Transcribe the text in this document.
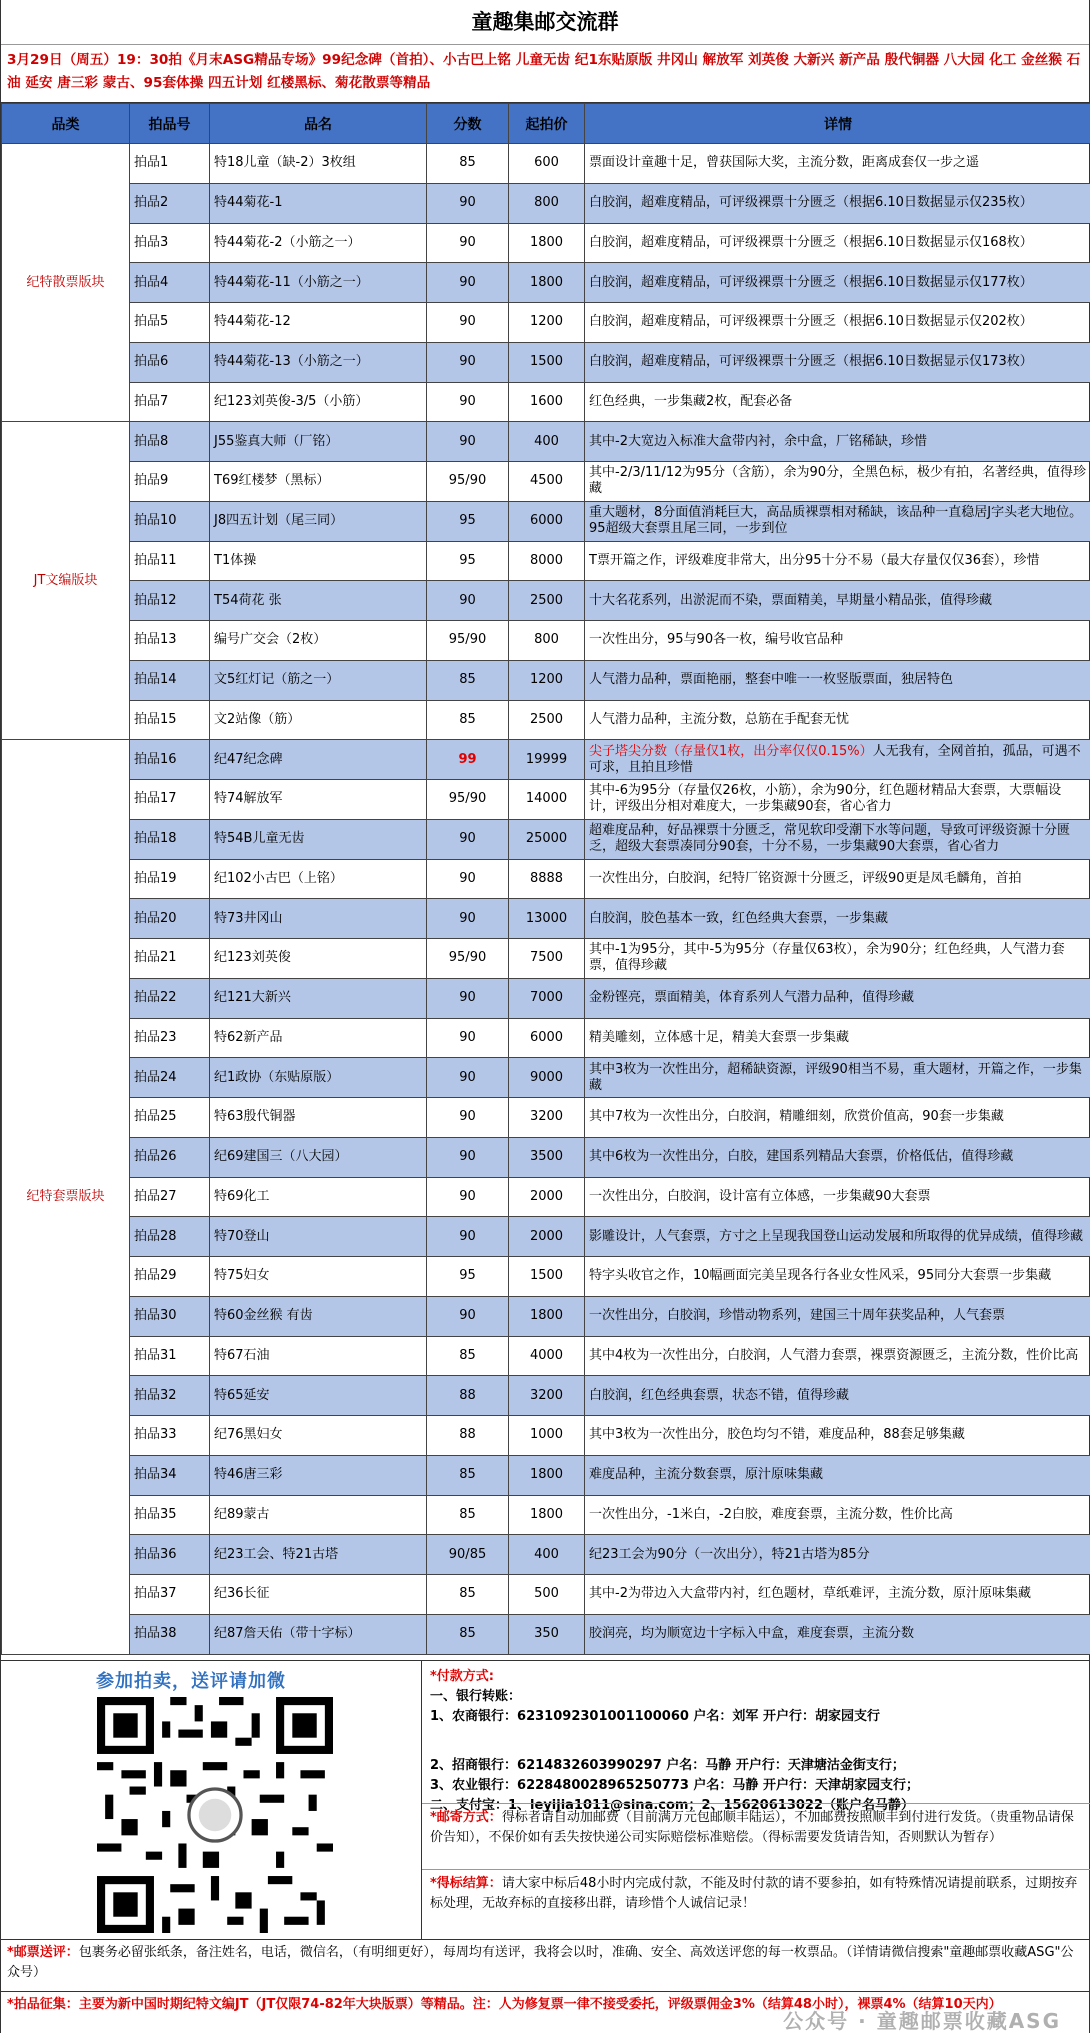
童趣集邮交流群
3月29日（周五）19：30拍《月末ASG精品专场》99纪念碑（首拍）、小古巴上铭 儿童无齿 纪1东贴原版 井冈山 解放军 刘英俊 大新兴 新产品 殷代铜器 八大园 化工 金丝猴 石油 延安 唐三彩 蒙古、95套体操 四五计划 红楼黑标、菊花散票等精品
品类	拍品号	品名	分数	起拍价	详情
纪特散票版块	拍品1	特18儿童（缺-2）3枚组	85	600	票面设计童趣十足，曾获国际大奖，主流分数，距离成套仅一步之遥
	拍品2	特44菊花-1	90	800	白胶润，超难度精品，可评级裸票十分匮乏（根据6.10日数据显示仅235枚）
	拍品3	特44菊花-2（小筋之一）	90	1800	白胶润，超难度精品，可评级裸票十分匮乏（根据6.10日数据显示仅168枚）
	拍品4	特44菊花-11（小筋之一）	90	1800	白胶润，超难度精品，可评级裸票十分匮乏（根据6.10日数据显示仅177枚）
	拍品5	特44菊花-12	90	1200	白胶润，超难度精品，可评级裸票十分匮乏（根据6.10日数据显示仅202枚）
	拍品6	特44菊花-13（小筋之一）	90	1500	白胶润，超难度精品，可评级裸票十分匮乏（根据6.10日数据显示仅173枚）
	拍品7	纪123刘英俊-3/5（小筋）	90	1600	红色经典，一步集藏2枚，配套必备
JT文编版块	拍品8	J55鉴真大师（厂铭）	90	400	其中-2大宽边入标准大盒带内衬，余中盒，厂铭稀缺，珍惜
	拍品9	T69红楼梦（黑标）	95/90	4500	其中-2/3/11/12为95分（含筋），余为90分，全黑色标，极少有拍，名著经典，值得珍藏
	拍品10	J8四五计划（尾三同）	95	6000	重大题材，8分面值消耗巨大，高品质裸票相对稀缺，该品种一直稳居J字头老大地位。95超级大套票且尾三同，一步到位
	拍品11	T1体操	95	8000	T票开篇之作，评级难度非常大，出分95十分不易（最大存量仅仅36套），珍惜
	拍品12	T54荷花 张	90	2500	十大名花系列，出淤泥而不染，票面精美，早期量小精品张，值得珍藏
	拍品13	编号广交会（2枚）	95/90	800	一次性出分，95与90各一枚，编号收官品种
	拍品14	文5红灯记（筋之一）	85	1200	人气潜力品种，票面艳丽，整套中唯一一枚竖版票面，独居特色
	拍品15	文2站像（筋）	85	2500	人气潜力品种，主流分数，总筋在手配套无忧
纪特套票版块	拍品16	纪47纪念碑	99	19999	尖子塔尖分数（存量仅1枚，出分率仅仅0.15%）人无我有，全网首拍，孤品，可遇不可求，且拍且珍惜
	拍品17	特74解放军	95/90	14000	其中-6为95分（存量仅26枚，小筋），余为90分，红色题材精品大套票，大票幅设计，评级出分相对难度大，一步集藏90套，省心省力
	拍品18	特54B儿童无齿	90	25000	超难度品种，好品裸票十分匮乏，常见软印受潮下水等问题，导致可评级资源十分匮乏，超级大套票凑同分90套，十分不易，一步集藏90大套票，省心省力
	拍品19	纪102小古巴（上铭）	90	8888	一次性出分，白胶润，纪特厂铭资源十分匮乏，评级90更是凤毛麟角，首拍
	拍品20	特73井冈山	90	13000	白胶润，胶色基本一致，红色经典大套票，一步集藏
	拍品21	纪123刘英俊	95/90	7500	其中-1为95分，其中-5为95分（存量仅63枚），余为90分；红色经典，人气潜力套票，值得珍藏
	拍品22	纪121大新兴	90	7000	金粉铿亮，票面精美，体育系列人气潜力品种，值得珍藏
	拍品23	特62新产品	90	6000	精美雕刻，立体感十足，精美大套票一步集藏
	拍品24	纪1政协（东贴原版）	90	9000	其中3枚为一次性出分，超稀缺资源，评级90相当不易，重大题材，开篇之作，一步集藏
	拍品25	特63殷代铜器	90	3200	其中7枚为一次性出分，白胶润，精雕细刻，欣赏价值高，90套一步集藏
	拍品26	纪69建国三（八大园）	90	3500	其中6枚为一次性出分，白胶，建国系列精品大套票，价格低估，值得珍藏
	拍品27	特69化工	90	2000	一次性出分，白胶润，设计富有立体感，一步集藏90大套票
	拍品28	特70登山	90	2000	影雕设计，人气套票，方寸之上呈现我国登山运动发展和所取得的优异成绩，值得珍藏
	拍品29	特75妇女	95	1500	特字头收官之作，10幅画面完美呈现各行各业女性风采，95同分大套票一步集藏
	拍品30	特60金丝猴 有齿	90	1800	一次性出分，白胶润，珍惜动物系列，建国三十周年获奖品种，人气套票
	拍品31	特67石油	85	4000	其中4枚为一次性出分，白胶润，人气潜力套票，裸票资源匮乏，主流分数，性价比高
	拍品32	特65延安	88	3200	白胶润，红色经典套票，状态不错，值得珍藏
	拍品33	纪76黑妇女	88	1000	其中3枚为一次性出分，胶色均匀不错，难度品种，88套足够集藏
	拍品34	特46唐三彩	85	1800	难度品种，主流分数套票，原汁原味集藏
	拍品35	纪89蒙古	85	1800	一次性出分，-1米白，-2白胶，难度套票，主流分数，性价比高
	拍品36	纪23工会、特21古塔	90/85	400	纪23工会为90分（一次出分），特21古塔为85分
	拍品37	纪36长征	85	500	其中-2为带边入大盒带内衬，红色题材，草纸难评，主流分数，原汁原味集藏
	拍品38	纪87詹天佑（带十字标）	85	350	胶润亮，均为顺宽边十字标入中盒，难度套票，主流分数
参加拍卖，送评请加微	*付款方式:
一、银行转账：
1、农商银行：6231092301001100060 户名：刘军 开户行：胡家园支行
2、招商银行：6214832603990297 户名：马静 开户行：天津塘沽金街支行；
3、农业银行：6228480028965250773 户名：马静 开户行：天津胡家园支行；
二、支付宝：1、leyijia1011@sina.com；2、15620613022（账户名马静）
*邮寄方式：得标者请自动加邮费（目前满万元包邮顺丰陆运），不加邮费按照顺丰到付进行发货。（贵重物品请保价告知），不保价如有丢失按快递公司实际赔偿标准赔偿。（得标需要发货请告知，否则默认为暂存）
*得标结算：请大家中标后48小时内完成付款，不能及时付款的请不要参拍，如有特殊情况请提前联系，过期按弃标处理，无故弃标的直接移出群，请珍惜个人诚信记录！
*邮票送评：包裹务必留张纸条，备注姓名，电话，微信名，（有明细更好），每周均有送评，我将会以时，准确、安全、高效送评您的每一枚票品。（详情请微信搜索"童趣邮票收藏ASG"公众号）
*拍品征集：主要为新中国时期纪特文编JT（JT仅限74-82年大块版票）等精品。注：人为修复票一律不接受委托，评级票佣金3%（结算48小时），裸票4%（结算10天内）
公众号 · 童趣邮票收藏ASG
